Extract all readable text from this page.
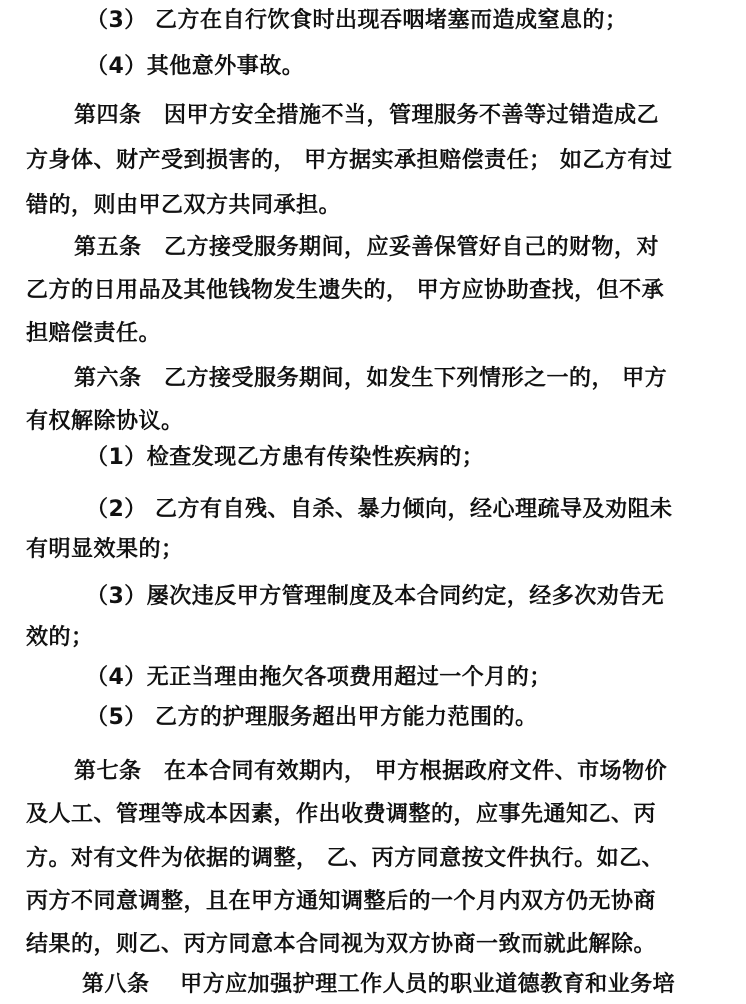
（3） 乙方在自行饮食时出现吞咽堵塞而造成窒息的；
（4）其他意外事故。
第四条　因甲方安全措施不当，管理服务不善等过错造成乙
方身体、财产受到损害的， 甲方据实承担赔偿责任； 如乙方有过
错的，则由甲乙双方共同承担。
第五条　乙方接受服务期间，应妥善保管好自己的财物，对
乙方的日用品及其他钱物发生遗失的， 甲方应协助查找，但不承
担赔偿责任。
第六条　乙方接受服务期间，如发生下列情形之一的， 甲方
有权解除协议。
（1）检查发现乙方患有传染性疾病的；
（2） 乙方有自残、自杀、暴力倾向，经心理疏导及劝阻未
有明显效果的；
（3）屡次违反甲方管理制度及本合同约定，经多次劝告无
效的；
（4）无正当理由拖欠各项费用超过一个月的；
（5） 乙方的护理服务超出甲方能力范围的。
第七条　在本合同有效期内， 甲方根据政府文件、市场物价
及人工、管理等成本因素，作出收费调整的，应事先通知乙、丙
方。对有文件为依据的调整， 乙、丙方同意按文件执行。如乙、
丙方不同意调整，且在甲方通知调整后的一个月内双方仍无协商
结果的，则乙、丙方同意本合同视为双方协商一致而就此解除。
第八条　 甲方应加强护理工作人员的职业道德教育和业务培
